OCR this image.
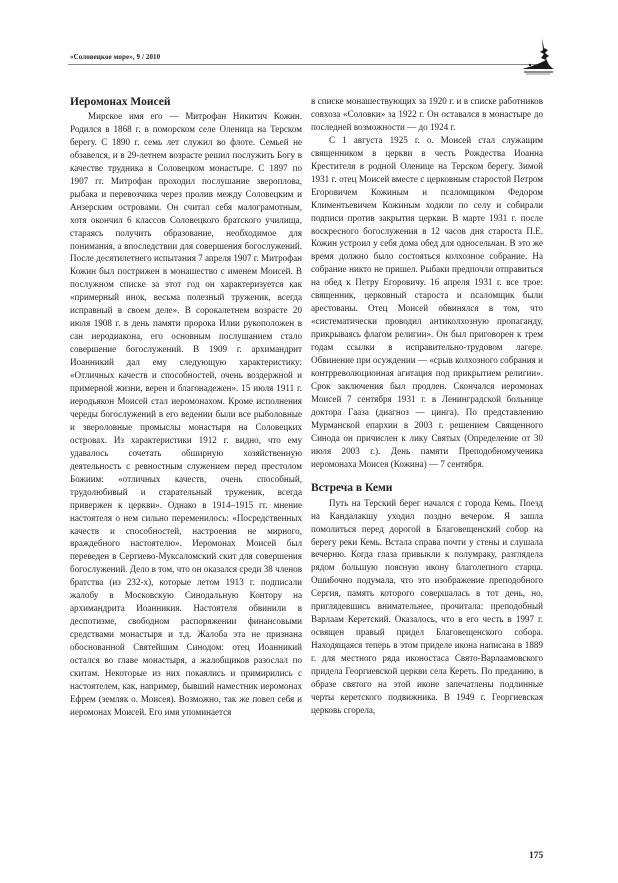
«Соловецкое море», 9 / 2010
Иеромонах Моисей

Мирское имя его — Митрофан Никитич Кожин. Родился в 1868 г. в поморском селе Оленица на Терском берегу. С 1890 г. семь лет служил во флоте. Семьей не обзавелся, и в 29-летнем возрасте решил послужить Богу в качестве трудника в Соловецком монастыре. С 1897 по 1907 гг. Митрофан проходил послушание звероплова, рыбака и перевозчика через пролив между Соловецким и Анзерским островами. Он считал себя малограмотным, хотя окончил 6 классов Соловецкого братского училища, стараясь получить образование, необходимое для понимания, а впоследствии для совершения богослужений. После десятилетнего испытания 7 апреля 1907 г. Митрофан Кожин был пострижен в монашество с именем Моисей. В послужном списке за этот год он характеризуется как «примерный инок, весьма полезный труженик, всегда исправный в своем деле». В сорокалетнем возрасте 20 июля 1908 г. в день памяти пророка Илии рукоположен в сан иеродиакона, его основным послушанием стало совершение богослужений. В 1909 г. архимандрит Иоанникий дал ему следующую характеристику: «Отличных качеств и способностей, очень воздержной и примерной жизни, верен и благонадежен». 15 июля 1911 г. иеродьякон Моисей стал иеромонахом. Кроме исполнения череды богослужений в его ведении были все рыболовные и звероловные промыслы монастыря на Соловецких островах. Из характеристики 1912 г. видно, что ему удавалось сочетать обширную хозяйственную деятельность с ревностным служением перед престолом Божиим: «отличных качеств, очень способный, трудолюбивый и старательный труженик, всегда привержен к церкви». Однако в 1914–1915 гг. мнение настоятеля о нем сильно переменилось: «Посредственных качеств и способностей, настроения не мирного, враждебного настоятелю». Иеромонах Моисей был переведен в Сергиево-Муксаломский скит для совершения богослужений. Дело в том, что он оказался среди 38 членов братства (из 232-х), которые летом 1913 г. подписали жалобу в Московскую Синодальную Контору на архимандрита Иоанникия. Настоятеля обвинили в деспотизме, свободном распоряжении финансовыми средствами монастыря и т.д. Жалоба эта не признана обоснованной Святейшим Синодом: отец Иоанникий остался во главе монастыря, а жалобщиков разослал по скитам. Некоторые из них покаялись и примирились с настоятелем, как, например, бывший наместник иеромонах Ефрем (земляк о. Моисея). Возможно, так же повел себя и иеромонах Моисей. Его имя упоминается

в списке монашествующих за 1920 г. и в списке работников совхоза «Соловки» за 1922 г. Он оставался в монастыре до последней возможности — до 1924 г.

С 1 августа 1925 г. о. Моисей стал служащим священником в церкви в честь Рождества Иоанна Крестителя в родной Оленице на Терском берегу. Зимой 1931 г. отец Моисей вместе с церковным старостой Петром Егоровичем Кожиным и псаломщиком Федором Климентьевичем Кожиным ходили по селу и собирали подписи против закрытия церкви. В марте 1931 г. после воскресного богослужения в 12 часов дня староста П.Е. Кожин устроил у себя дома обед для односельчан. В это же время должно было состояться колхозное собрание. На собрание никто не пришел. Рыбаки предпочли отправиться на обед к Петру Егоровичу. 16 апреля 1931 г. все трое: священник, церковный староста и псаломщик были арестованы. Отец Моисей обвинялся в том, что «систематически проводил антиколхозную пропаганду, прикрываясь флагом религии». Он был приговорен к трем годам ссылки в исправительно-трудовом лагере. Обвинение при осуждении — «срыв колхозного собрания и контрреволюционная агитация под прикрытием религии». Срок заключения был продлен. Скончался иеромонах Моисей 7 сентября 1931 г. в Ленинградской больнице доктора Гааза (диагноз — цинга). По представлению Мурманской епархии в 2003 г. решением Священного Синода он причислен к лику Святых (Определение от 30 июля 2003 г.). День памяти Преподобномученика иеромонаха Моисея (Кожина) — 7 сентября.

Встреча в Кеми

Путь на Терский берег начался с города Кемь. Поезд на Кандалакшу уходил поздно вечером. Я зашла помолиться перед дорогой в Благовещенский собор на берегу реки Кемь. Встала справа почти у стены и слушала вечерню. Когда глаза привыкли к полумраку, разглядела рядом большую поясную икону благолепного старца. Ошибочно подумала, что это изображение преподобного Сергия, память которого совершалась в тот день, но, приглядевшись внимательнее, прочитала: преподобный Варлаам Керетский. Оказалось, что в его честь в 1997 г. освящен правый придел Благовещенского собора. Находящаяся теперь в этом приделе икона написана в 1889 г. для местного ряда иконостаса Свято-Варлаамовского придела Георгиевской церкви села Кереть. По преданию, в образе святого на этой иконе запечатлены подлинные черты керетского подвижника. В 1949 г. Георгиевская церковь сгорела,

175
